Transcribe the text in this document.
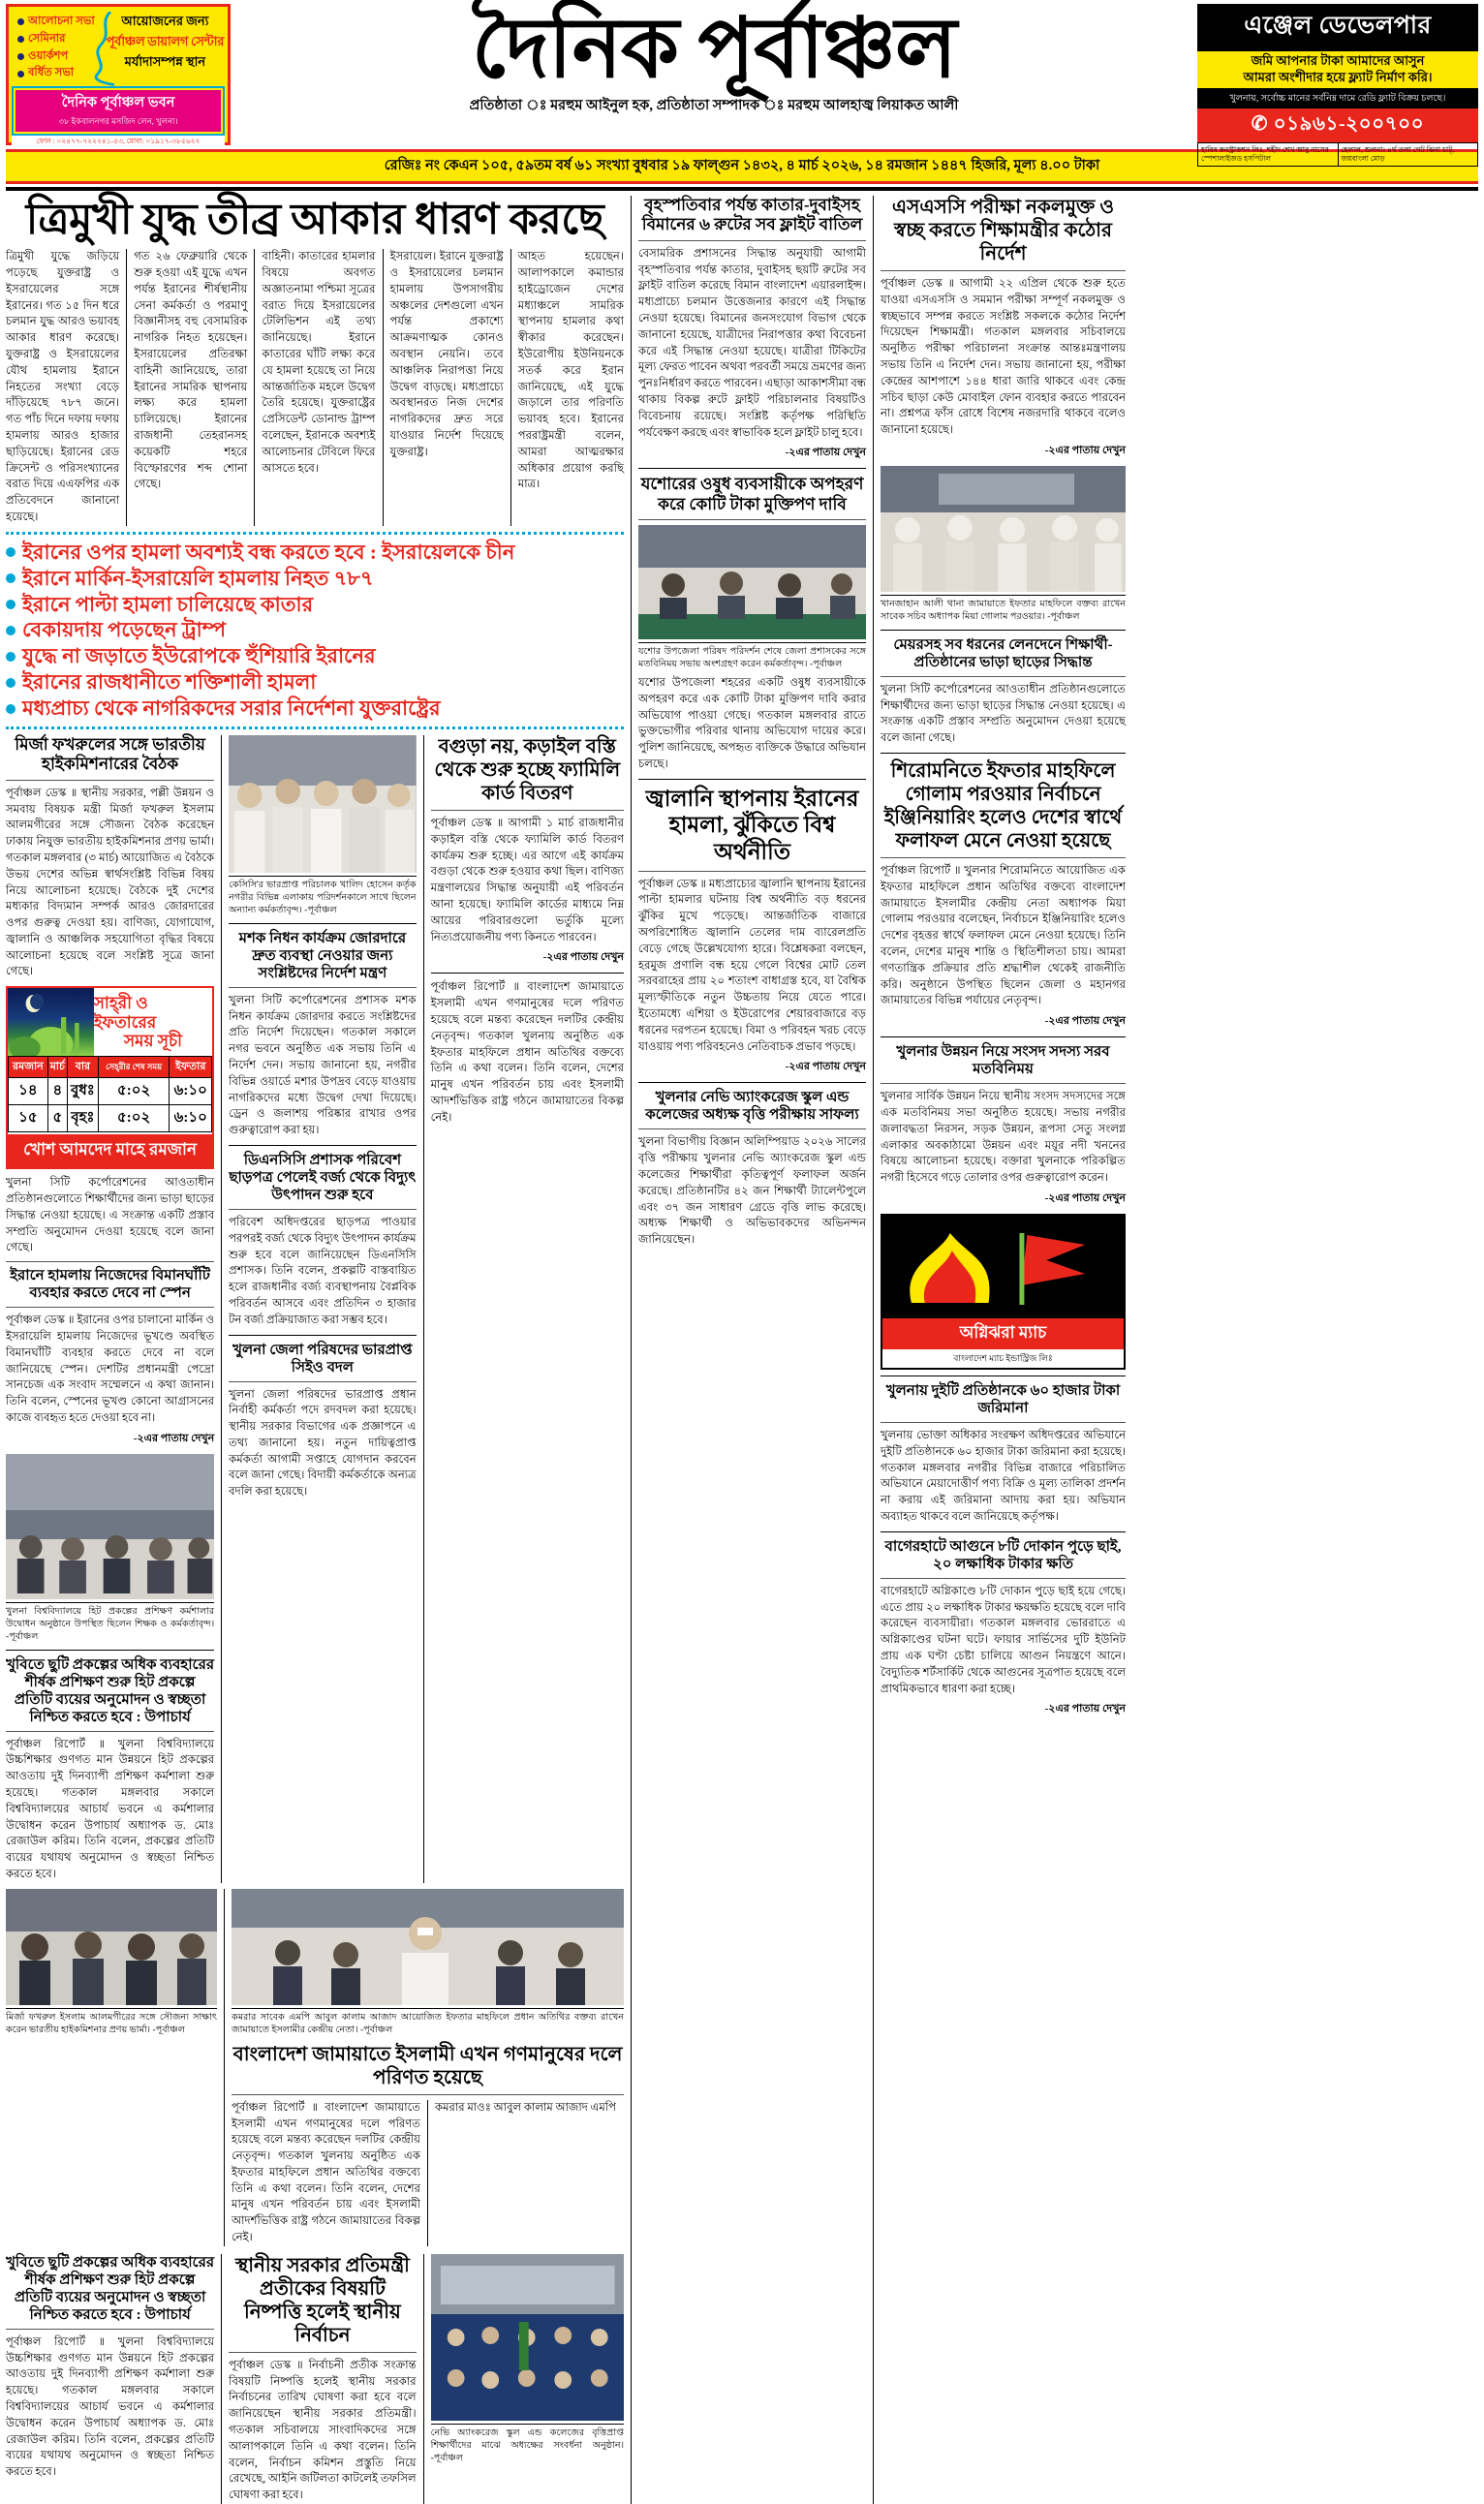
আলোচনা সভা
সেমিনার
ওয়ার্কশপ
বর্ধিত সভা
আয়োজনের জন্য
পূর্বাঞ্চল ডায়ালগ সেন্টার
মর্যাদাসম্পন্ন স্থান
দৈনিক পূর্বাঞ্চল ভবন
৩৮ ইকবালনগর মসজিদ লেন, খুলনা।
ফোন : ০২৪৭৭-৭২২২৪১-৫৩, মোবা: ০১৯১৭-৩৮৫৬২২
দৈনিক পূর্বাঞ্চল
প্রতিষ্ঠাতা ঃ মরহুম আইনুল হক, প্রতিষ্ঠাতা সম্পাদক ঃ মরহুম আলহাজ্ব লিয়াকত আলী
এঞ্জেল ডেভেলপার
জমি আপনার টাকা আমাদের আসুন
আমরা অংশীদার হয়ে ফ্ল্যাট নির্মাণ করি।
খুলনায়, সর্বোচ্চ মানের সর্বনিম্ন দামে রেডি ফ্ল্যাট বিক্রয় চলছে।
✆ ০১৯৬১-২০০৭০০
হাবিব কনস্ট্রাকশন লিঃ, শহীদ শেখ আবু নাসের স্পেশালাইজড হসপিটাল
হেলাল, শুলনা। ৪র্থ তলা গেট ঝিনা চাট্, জয়বাংলা মোড়
রেজিঃ নং কেএন ১০৫, ৫৯তম বর্ষ ৬১ সংখ্যা বুধবার ১৯ ফাল্গুন ১৪৩২, ৪ মার্চ ২০২৬, ১৪ রমজান ১৪৪৭ হিজরি, মূল্য ৪.০০ টাকা
ত্রিমুখী যুদ্ধ তীব্র আকার ধারণ করছে
ত্রিমুখী যুদ্ধে জড়িয়ে পড়েছে যুক্তরাষ্ট্র ও ইসরায়েলের সঙ্গে ইরানের। গত ১৫ দিন ধরে চলমান যুদ্ধ আরও ভয়াবহ আকার ধারণ করেছে। যুক্তরাষ্ট্র ও ইসরায়েলের যৌথ হামলায় ইরানে নিহতের সংখ্যা বেড়ে দাঁড়িয়েছে ৭৮৭ জনে। গত পাঁচ দিনে দফায় দফায় হামলায় আরও হাজার ছাড়িয়েছে। ইরানের রেড ক্রিসেন্ট ও পরিসংখ্যানের বরাত দিয়ে এএফপির এক প্রতিবেদনে জানানো হয়েছে।
গত ২৬ ফেব্রুয়ারি থেকে শুরু হওয়া এই যুদ্ধে এখন পর্যন্ত ইরানের শীর্ষস্থানীয় সেনা কর্মকর্তা ও পরমাণু বিজ্ঞানীসহ বহু বেসামরিক নাগরিক নিহত হয়েছেন। ইসরায়েলের প্রতিরক্ষা বাহিনী জানিয়েছে, তারা ইরানের সামরিক স্থাপনায় লক্ষ্য করে হামলা চালিয়েছে। ইরানের রাজধানী তেহরানসহ কয়েকটি শহরে বিস্ফোরণের শব্দ শোনা গেছে।
বাহিনী। কাতারের হামলার বিষয়ে অবগত অজ্ঞাতনামা পশ্চিমা সূত্রের বরাত দিয়ে ইসরায়েলের টেলিভিশন এই তথ্য জানিয়েছে। ইরানে কাতারের ঘাঁটি লক্ষ্য করে যে হামলা হয়েছে তা নিয়ে আন্তর্জাতিক মহলে উদ্বেগ তৈরি হয়েছে। যুক্তরাষ্ট্রের প্রেসিডেন্ট ডোনাল্ড ট্রাম্প বলেছেন, ইরানকে অবশ্যই আলোচনার টেবিলে ফিরে আসতে হবে।
ইসরায়েল। ইরানে যুক্তরাষ্ট্র ও ইসরায়েলের চলমান হামলায় উপসাগরীয় অঞ্চলের দেশগুলো এখন পর্যন্ত প্রকাশ্যে আক্রমণাত্মক কোনও অবস্থান নেয়নি। তবে আঞ্চলিক নিরাপত্তা নিয়ে উদ্বেগ বাড়ছে। মধ্যপ্রাচ্যে অবস্থানরত নিজ দেশের নাগরিকদের দ্রুত সরে যাওয়ার নির্দেশ দিয়েছে যুক্তরাষ্ট্র।
আহত হয়েছেন। আলাপকালে কমান্ডার হাইড্রোজেন দেশের মধ্যাঞ্চলে সামরিক স্থাপনায় হামলার কথা স্বীকার করেছেন। ইউরোপীয় ইউনিয়নকে সতর্ক করে ইরান জানিয়েছে, এই যুদ্ধে জড়ালে তার পরিণতি ভয়াবহ হবে। ইরানের পররাষ্ট্রমন্ত্রী বলেন, আমরা আত্মরক্ষার অধিকার প্রয়োগ করছি মাত্র।
ইরানের ওপর হামলা অবশ্যই বন্ধ করতে হবে : ইসরায়েলকে চীন
ইরানে মার্কিন-ইসরায়েলি হামলায় নিহত ৭৮৭
ইরানে পাল্টা হামলা চালিয়েছে কাতার
বেকায়দায় পড়েছেন ট্রাম্প
যুদ্ধে না জড়াতে ইউরোপকে হুঁশিয়ারি ইরানের
ইরানের রাজধানীতে শক্তিশালী হামলা
মধ্যপ্রাচ্য থেকে নাগরিকদের সরার নির্দেশনা যুক্তরাষ্ট্রের
মির্জা ফখরুলের সঙ্গে ভারতীয় হাইকমিশনারের বৈঠক
পূর্বাঞ্চল ডেস্ক ॥ স্থানীয় সরকার, পল্লী উন্নয়ন ও সমবায় বিষয়ক মন্ত্রী মির্জা ফখরুল ইসলাম আলমগীরের সঙ্গে সৌজন্য বৈঠক করেছেন ঢাকায় নিযুক্ত ভারতীয় হাইকমিশনার প্রণয় ভার্মা। গতকাল মঙ্গলবার (৩ মার্চ) আয়োজিত এ বৈঠকে উভয় দেশের অভিন্ন স্বার্থসংশ্লিষ্ট বিভিন্ন বিষয় নিয়ে আলোচনা হয়েছে। বৈঠকে দুই দেশের মধ্যকার বিদ্যমান সম্পর্ক আরও জোরদারের ওপর গুরুত্ব দেওয়া হয়। বাণিজ্য, যোগাযোগ, জ্বালানি ও আঞ্চলিক সহযোগিতা বৃদ্ধির বিষয়ে আলোচনা হয়েছে বলে সংশ্লিষ্ট সূত্রে জানা গেছে।
সাহ্‌রী ও ইফতারের
সময় সূচী
রমজান	মার্চ	বার	সেহ্‌রীর শেষ সময়	ইফতার
১৪	৪	বুধঃ	৫:০২	৬:১০
১৫	৫	বৃহঃ	৫:০২	৬:১০
খোশ আমদেদ মাহে রমজান
খুলনা সিটি কর্পোরেশনের আওতাধীন প্রতিষ্ঠানগুলোতে শিক্ষার্থীদের জন্য ভাড়া ছাড়ের সিদ্ধান্ত নেওয়া হয়েছে। এ সংক্রান্ত একটি প্রস্তাব সম্প্রতি অনুমোদন দেওয়া হয়েছে বলে জানা গেছে।
ইরানে হামলায় নিজেদের বিমানঘাঁটি ব্যবহার করতে দেবে না স্পেন
পূর্বাঞ্চল ডেস্ক ॥ ইরানের ওপর চালানো মার্কিন ও ইসরায়েলি হামলায় নিজেদের ভূখণ্ডে অবস্থিত বিমানঘাঁটি ব্যবহার করতে দেবে না বলে জানিয়েছে স্পেন। দেশটির প্রধানমন্ত্রী পেদ্রো সানচেজ এক সংবাদ সম্মেলনে এ কথা জানান। তিনি বলেন, স্পেনের ভূখণ্ড কোনো আগ্রাসনের কাজে ব্যবহৃত হতে দেওয়া হবে না।
-২এর পাতায় দেখুন
খুলনা বিশ্ববিদ্যালয়ে হিট প্রকল্পের প্রশিক্ষণ কর্মশালার উদ্বোধন অনুষ্ঠানে উপস্থিত ছিলেন শিক্ষক ও কর্মকর্তাবৃন্দ। -পূর্বাঞ্চল
খুবিতে ছুটি প্রকল্পের অধিক ব্যবহারের শীর্ষক প্রশিক্ষণ শুরু হিট প্রকল্পে প্রতিটি ব্যয়ের অনুমোদন ও স্বচ্ছতা নিশ্চিত করতে হবে : উপাচার্য
পূর্বাঞ্চল রিপোর্ট ॥ খুলনা বিশ্ববিদ্যালয়ে উচ্চশিক্ষার গুণগত মান উন্নয়নে হিট প্রকল্পের আওতায় দুই দিনব্যাপী প্রশিক্ষণ কর্মশালা শুরু হয়েছে। গতকাল মঙ্গলবার সকালে বিশ্ববিদ্যালয়ের আচার্য ভবনে এ কর্মশালার উদ্বোধন করেন উপাচার্য অধ্যাপক ড. মোঃ রেজাউল করিম। তিনি বলেন, প্রকল্পের প্রতিটি ব্যয়ের যথাযথ অনুমোদন ও স্বচ্ছতা নিশ্চিত করতে হবে।
কেসিসি'র ভারপ্রাপ্ত পরিচালক খালিদ হোসেন কর্তৃক নগরীর বিভিন্ন এলাকায় পরিদর্শনকালে সাথে ছিলেন অন্যান্য কর্মকর্তাবৃন্দ। -পূর্বাঞ্চল
মশক নিধন কার্যক্রম জোরদারে দ্রুত ব্যবস্থা নেওয়ার জন্য সংশ্লিষ্টদের নির্দেশ মন্ত্রণ
খুলনা সিটি কর্পোরেশনের প্রশাসক মশক নিধন কার্যক্রম জোরদার করতে সংশ্লিষ্টদের প্রতি নির্দেশ দিয়েছেন। গতকাল সকালে নগর ভবনে অনুষ্ঠিত এক সভায় তিনি এ নির্দেশ দেন। সভায় জানানো হয়, নগরীর বিভিন্ন ওয়ার্ডে মশার উপদ্রব বেড়ে যাওয়ায় নাগরিকদের মধ্যে উদ্বেগ দেখা দিয়েছে। ড্রেন ও জলাশয় পরিষ্কার রাখার ওপর গুরুত্বারোপ করা হয়।
ডিএনসিসি প্রশাসক পরিবেশ ছাড়পত্র পেলেই বর্জ্য থেকে বিদ্যুৎ উৎপাদন শুরু হবে
পরিবেশ অধিদপ্তরের ছাড়পত্র পাওয়ার পরপরই বর্জ্য থেকে বিদ্যুৎ উৎপাদন কার্যক্রম শুরু হবে বলে জানিয়েছেন ডিএনসিসি প্রশাসক। তিনি বলেন, প্রকল্পটি বাস্তবায়িত হলে রাজধানীর বর্জ্য ব্যবস্থাপনায় বৈপ্লবিক পরিবর্তন আসবে এবং প্রতিদিন ৩ হাজার টন বর্জ্য প্রক্রিয়াজাত করা সম্ভব হবে।
খুলনা জেলা পরিষদের ভারপ্রাপ্ত সিইও বদল
খুলনা জেলা পরিষদের ভারপ্রাপ্ত প্রধান নির্বাহী কর্মকর্তা পদে রদবদল করা হয়েছে। স্থানীয় সরকার বিভাগের এক প্রজ্ঞাপনে এ তথ্য জানানো হয়। নতুন দায়িত্বপ্রাপ্ত কর্মকর্তা আগামী সপ্তাহে যোগদান করবেন বলে জানা গেছে। বিদায়ী কর্মকর্তাকে অন্যত্র বদলি করা হয়েছে।
বগুড়া নয়, কড়াইল বস্তি থেকে শুরু হচ্ছে ফ্যামিলি কার্ড বিতরণ
পূর্বাঞ্চল ডেস্ক ॥ আগামী ১ মার্চ রাজধানীর কড়াইল বস্তি থেকে ফ্যামিলি কার্ড বিতরণ কার্যক্রম শুরু হচ্ছে। এর আগে এই কার্যক্রম বগুড়া থেকে শুরু হওয়ার কথা ছিল। বাণিজ্য মন্ত্রণালয়ের সিদ্ধান্ত অনুযায়ী এই পরিবর্তন আনা হয়েছে। ফ্যামিলি কার্ডের মাধ্যমে নিম্ন আয়ের পরিবারগুলো ভর্তুকি মূল্যে নিত্যপ্রয়োজনীয় পণ্য কিনতে পারবেন।
-২এর পাতায় দেখুন
পূর্বাঞ্চল রিপোর্ট ॥ বাংলাদেশ জামায়াতে ইসলামী এখন গণমানুষের দলে পরিণত হয়েছে বলে মন্তব্য করেছেন দলটির কেন্দ্রীয় নেতৃবৃন্দ। গতকাল খুলনায় অনুষ্ঠিত এক ইফতার মাহফিলে প্রধান অতিথির বক্তব্যে তিনি এ কথা বলেন। তিনি বলেন, দেশের মানুষ এখন পরিবর্তন চায় এবং ইসলামী আদর্শভিত্তিক রাষ্ট্র গঠনে জামায়াতের বিকল্প নেই।
মির্জা ফখরুল ইসলাম আলমগীরের সঙ্গে সৌজন্য সাক্ষাৎ করেন ভারতীয় হাইকমিশনার প্রণয় ভার্মা। -পূর্বাঞ্চল
কমরার সাবেক এমপি আবুল কালাম আজাদ আয়োজিত ইফতার মাহফিলে প্রধান অতিথির বক্তব্য রাখেন জামায়াতে ইসলামীর কেন্দ্রীয় নেতা। -পূর্বাঞ্চল
বাংলাদেশ জামায়াতে ইসলামী এখন গণমানুষের দলে পরিণত হয়েছে
পূর্বাঞ্চল রিপোর্ট ॥ বাংলাদেশ জামায়াতে ইসলামী এখন গণমানুষের দলে পরিণত হয়েছে বলে মন্তব্য করেছেন দলটির কেন্দ্রীয় নেতৃবৃন্দ। গতকাল খুলনায় অনুষ্ঠিত এক ইফতার মাহফিলে প্রধান অতিথির বক্তব্যে তিনি এ কথা বলেন। তিনি বলেন, দেশের মানুষ এখন পরিবর্তন চায় এবং ইসলামী আদর্শভিত্তিক রাষ্ট্র গঠনে জামায়াতের বিকল্প নেই।
কমরার মাওঃ আবুল কালাম আজাদ এমপি
খুবিতে ছুটি প্রকল্পের অধিক ব্যবহারের শীর্ষক প্রশিক্ষণ শুরু হিট প্রকল্পে প্রতিটি ব্যয়ের অনুমোদন ও স্বচ্ছতা নিশ্চিত করতে হবে : উপাচার্য
পূর্বাঞ্চল রিপোর্ট ॥ খুলনা বিশ্ববিদ্যালয়ে উচ্চশিক্ষার গুণগত মান উন্নয়নে হিট প্রকল্পের আওতায় দুই দিনব্যাপী প্রশিক্ষণ কর্মশালা শুরু হয়েছে। গতকাল মঙ্গলবার সকালে বিশ্ববিদ্যালয়ের আচার্য ভবনে এ কর্মশালার উদ্বোধন করেন উপাচার্য অধ্যাপক ড. মোঃ রেজাউল করিম। তিনি বলেন, প্রকল্পের প্রতিটি ব্যয়ের যথাযথ অনুমোদন ও স্বচ্ছতা নিশ্চিত করতে হবে।
স্থানীয় সরকার প্রতিমন্ত্রী প্রতীকের বিষয়টি নিষ্পত্তি হলেই স্থানীয় নির্বাচন
পূর্বাঞ্চল ডেস্ক ॥ নির্বাচনী প্রতীক সংক্রান্ত বিষয়টি নিষ্পত্তি হলেই স্থানীয় সরকার নির্বাচনের তারিখ ঘোষণা করা হবে বলে জানিয়েছেন স্থানীয় সরকার প্রতিমন্ত্রী। গতকাল সচিবালয়ে সাংবাদিকদের সঙ্গে আলাপকালে তিনি এ কথা বলেন। তিনি বলেন, নির্বাচন কমিশন প্রস্তুতি নিয়ে রেখেছে, আইনি জটিলতা কাটলেই তফসিল ঘোষণা করা হবে।
নেভি অ্যাংকরেজ স্কুল এন্ড কলেজের বৃত্তিপ্রাপ্ত শিক্ষার্থীদের মাঝে অধ্যক্ষের সংবর্ধনা অনুষ্ঠান। -পূর্বাঞ্চল
বৃহস্পতিবার পর্যন্ত কাতার-দুবাইসহ বিমানের ৬ রুটের সব ফ্লাইট বাতিল
বেসামরিক প্রশাসনের সিদ্ধান্ত অনুযায়ী আগামী বৃহস্পতিবার পর্যন্ত কাতার, দুবাইসহ ছয়টি রুটের সব ফ্লাইট বাতিল করেছে বিমান বাংলাদেশ এয়ারলাইন্স। মধ্যপ্রাচ্যে চলমান উত্তেজনার কারণে এই সিদ্ধান্ত নেওয়া হয়েছে। বিমানের জনসংযোগ বিভাগ থেকে জানানো হয়েছে, যাত্রীদের নিরাপত্তার কথা বিবেচনা করে এই সিদ্ধান্ত নেওয়া হয়েছে। যাত্রীরা টিকিটের মূল্য ফেরত পাবেন অথবা পরবর্তী সময়ে ভ্রমণের জন্য পুনঃনির্ধারণ করতে পারবেন। এছাড়া আকাশসীমা বন্ধ থাকায় বিকল্প রুটে ফ্লাইট পরিচালনার বিষয়টিও বিবেচনায় রয়েছে। সংশ্লিষ্ট কর্তৃপক্ষ পরিস্থিতি পর্যবেক্ষণ করছে এবং স্বাভাবিক হলে ফ্লাইট চালু হবে।
-২এর পাতায় দেখুন
যশোরের ওষুধ ব্যবসায়ীকে অপহরণ করে কোটি টাকা মুক্তিপণ দাবি
যশোর উপজেলা পরিষদ পরিদর্শন শেষে জেলা প্রশাসকের সঙ্গে মতবিনিময় সভায় অংশগ্রহণ করেন কর্মকর্তাবৃন্দ। -পূর্বাঞ্চল
যশোর উপজেলা শহরের একটি ওষুধ ব্যবসায়ীকে অপহরণ করে এক কোটি টাকা মুক্তিপণ দাবি করার অভিযোগ পাওয়া গেছে। গতকাল মঙ্গলবার রাতে ভুক্তভোগীর পরিবার থানায় অভিযোগ দায়ের করে। পুলিশ জানিয়েছে, অপহৃত ব্যক্তিকে উদ্ধারে অভিযান চলছে।
জ্বালানি স্থাপনায় ইরানের হামলা, ঝুঁকিতে বিশ্ব অর্থনীতি
পূর্বাঞ্চল ডেস্ক ॥ মধ্যপ্রাচ্যের জ্বালানি স্থাপনায় ইরানের পাল্টা হামলার ঘটনায় বিশ্ব অর্থনীতি বড় ধরনের ঝুঁকির মুখে পড়েছে। আন্তর্জাতিক বাজারে অপরিশোধিত জ্বালানি তেলের দাম ব্যারেলপ্রতি বেড়ে গেছে উল্লেখযোগ্য হারে। বিশ্লেষকরা বলছেন, হরমুজ প্রণালি বন্ধ হয়ে গেলে বিশ্বের মোট তেল সরবরাহের প্রায় ২০ শতাংশ বাধাগ্রস্ত হবে, যা বৈশ্বিক মূল্যস্ফীতিকে নতুন উচ্চতায় নিয়ে যেতে পারে। ইতোমধ্যে এশিয়া ও ইউরোপের শেয়ারবাজারে বড় ধরনের দরপতন হয়েছে। বিমা ও পরিবহন খরচ বেড়ে যাওয়ায় পণ্য পরিবহনেও নেতিবাচক প্রভাব পড়ছে।
-২এর পাতায় দেখুন
খুলনার নেভি অ্যাংকরেজ স্কুল এন্ড কলেজের অধ্যক্ষ বৃত্তি পরীক্ষায় সাফল্য
খুলনা বিভাগীয় বিজ্ঞান অলিম্পিয়াড ২০২৬ সালের বৃত্তি পরীক্ষায় খুলনার নেভি অ্যাংকরেজ স্কুল এন্ড কলেজের শিক্ষার্থীরা কৃতিত্বপূর্ণ ফলাফল অর্জন করেছে। প্রতিষ্ঠানটির ৪২ জন শিক্ষার্থী ট্যালেন্টপুলে এবং ৩৭ জন সাধারণ গ্রেডে বৃত্তি লাভ করেছে। অধ্যক্ষ শিক্ষার্থী ও অভিভাবকদের অভিনন্দন জানিয়েছেন।
এসএসসি পরীক্ষা নকলমুক্ত ও স্বচ্ছ করতে শিক্ষামন্ত্রীর কঠোর নির্দেশ
পূর্বাঞ্চল ডেস্ক ॥ আগামী ২২ এপ্রিল থেকে শুরু হতে যাওয়া এসএসসি ও সমমান পরীক্ষা সম্পূর্ণ নকলমুক্ত ও স্বচ্ছভাবে সম্পন্ন করতে সংশ্লিষ্ট সকলকে কঠোর নির্দেশ দিয়েছেন শিক্ষামন্ত্রী। গতকাল মঙ্গলবার সচিবালয়ে অনুষ্ঠিত পরীক্ষা পরিচালনা সংক্রান্ত আন্তঃমন্ত্রণালয় সভায় তিনি এ নির্দেশ দেন। সভায় জানানো হয়, পরীক্ষা কেন্দ্রের আশপাশে ১৪৪ ধারা জারি থাকবে এবং কেন্দ্র সচিব ছাড়া কেউ মোবাইল ফোন ব্যবহার করতে পারবেন না। প্রশ্নপত্র ফাঁস রোধে বিশেষ নজরদারি থাকবে বলেও জানানো হয়েছে।
-২এর পাতায় দেখুন
খানজাহান আলী থানা জামায়াতে ইফতার মাহফিলে বক্তব্য রাখেন সাবেক সচিব অধ্যাপক মিয়া গোলাম পরওয়ার। -পূর্বাঞ্চল
মেয়রসহ সব ধরনের লেনদেনে শিক্ষার্থী-প্রতিষ্ঠানের ভাড়া ছাড়ের সিদ্ধান্ত
খুলনা সিটি কর্পোরেশনের আওতাধীন প্রতিষ্ঠানগুলোতে শিক্ষার্থীদের জন্য ভাড়া ছাড়ের সিদ্ধান্ত নেওয়া হয়েছে। এ সংক্রান্ত একটি প্রস্তাব সম্প্রতি অনুমোদন দেওয়া হয়েছে বলে জানা গেছে।
শিরোমনিতে ইফতার মাহফিলে গোলাম পরওয়ার নির্বাচনে ইঞ্জিনিয়ারিং হলেও দেশের স্বার্থে ফলাফল মেনে নেওয়া হয়েছে
পূর্বাঞ্চল রিপোর্ট ॥ খুলনার শিরোমনিতে আয়োজিত এক ইফতার মাহফিলে প্রধান অতিথির বক্তব্যে বাংলাদেশ জামায়াতে ইসলামীর কেন্দ্রীয় নেতা অধ্যাপক মিয়া গোলাম পরওয়ার বলেছেন, নির্বাচনে ইঞ্জিনিয়ারিং হলেও দেশের বৃহত্তর স্বার্থে ফলাফল মেনে নেওয়া হয়েছে। তিনি বলেন, দেশের মানুষ শান্তি ও স্থিতিশীলতা চায়। আমরা গণতান্ত্রিক প্রক্রিয়ার প্রতি শ্রদ্ধাশীল থেকেই রাজনীতি করি। অনুষ্ঠানে উপস্থিত ছিলেন জেলা ও মহানগর জামায়াতের বিভিন্ন পর্যায়ের নেতৃবৃন্দ।
-২এর পাতায় দেখুন
খুলনার উন্নয়ন নিয়ে সংসদ সদস্য সরব মতবিনিময়
খুলনার সার্বিক উন্নয়ন নিয়ে স্থানীয় সংসদ সদস্যদের সঙ্গে এক মতবিনিময় সভা অনুষ্ঠিত হয়েছে। সভায় নগরীর জলাবদ্ধতা নিরসন, সড়ক উন্নয়ন, রূপসা সেতু সংলগ্ন এলাকার অবকাঠামো উন্নয়ন এবং ময়ূর নদী খননের বিষয়ে আলোচনা হয়েছে। বক্তারা খুলনাকে পরিকল্পিত নগরী হিসেবে গড়ে তোলার ওপর গুরুত্বারোপ করেন।
-২এর পাতায় দেখুন
অগ্নিঝরা ম্যাচ
বাংলাদেশ ম্যাচ ইন্ডাস্ট্রিজ লিঃ
খুলনায় দুইটি প্রতিষ্ঠানকে ৬০ হাজার টাকা জরিমানা
খুলনায় ভোক্তা অধিকার সংরক্ষণ অধিদপ্তরের অভিযানে দুইটি প্রতিষ্ঠানকে ৬০ হাজার টাকা জরিমানা করা হয়েছে। গতকাল মঙ্গলবার নগরীর বিভিন্ন বাজারে পরিচালিত অভিযানে মেয়াদোত্তীর্ণ পণ্য বিক্রি ও মূল্য তালিকা প্রদর্শন না করায় এই জরিমানা আদায় করা হয়। অভিযান অব্যাহত থাকবে বলে জানিয়েছে কর্তৃপক্ষ।
বাগেরহাটে আগুনে ৮টি দোকান পুড়ে ছাই, ২০ লক্ষাধিক টাকার ক্ষতি
বাগেরহাটে অগ্নিকাণ্ডে ৮টি দোকান পুড়ে ছাই হয়ে গেছে। এতে প্রায় ২০ লক্ষাধিক টাকার ক্ষয়ক্ষতি হয়েছে বলে দাবি করেছেন ব্যবসায়ীরা। গতকাল মঙ্গলবার ভোররাতে এ অগ্নিকাণ্ডের ঘটনা ঘটে। ফায়ার সার্ভিসের দুটি ইউনিট প্রায় এক ঘণ্টা চেষ্টা চালিয়ে আগুন নিয়ন্ত্রণে আনে। বৈদ্যুতিক শর্টসার্কিট থেকে আগুনের সূত্রপাত হয়েছে বলে প্রাথমিকভাবে ধারণা করা হচ্ছে।
-২এর পাতায় দেখুন
